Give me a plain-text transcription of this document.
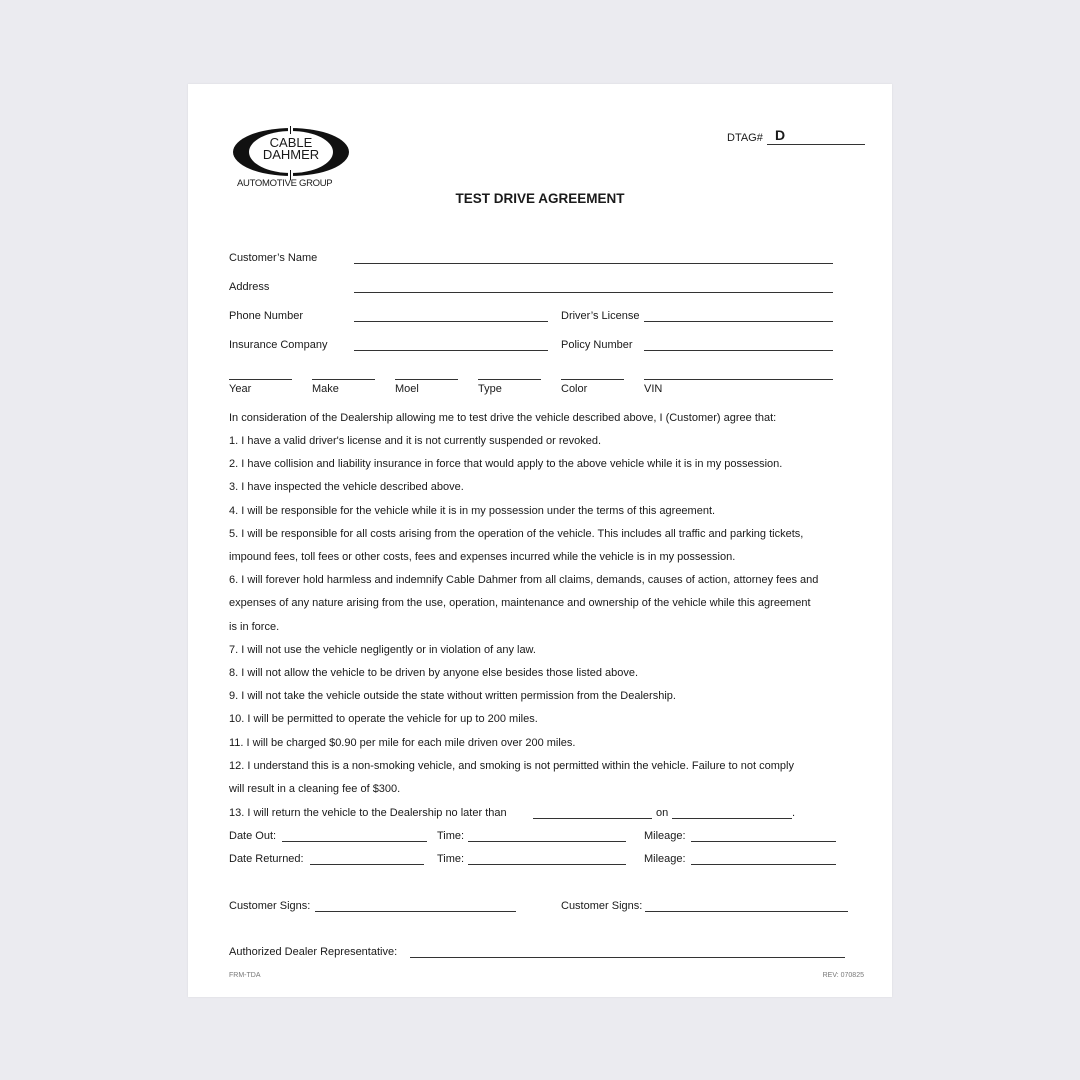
CABLE
DAHMER
AUTOMOTIVE GROUP
DTAG# D
TEST DRIVE AGREEMENT
Customer’s Name
Address
Phone Number	Driver’s License
Insurance Company	Policy Number
Year	Make	Moel	Type	Color	VIN
In consideration of the Dealership allowing me to test drive the vehicle described above, I (Customer) agree that:
1. I have a valid driver's license and it is not currently suspended or revoked.
2. I have collision and liability insurance in force that would apply to the above vehicle while it is in my possession.
3. I have inspected the vehicle described above.
4. I will be responsible for the vehicle while it is in my possession under the terms of this agreement.
5. I will be responsible for all costs arising from the operation of the vehicle. This includes all traffic and parking tickets,
impound fees, toll fees or other costs, fees and expenses incurred while the vehicle is in my possession.
6. I will forever hold harmless and indemnify Cable Dahmer from all claims, demands, causes of action, attorney fees and
expenses of any nature arising from the use, operation, maintenance and ownership of the vehicle while this agreement
is in force.
7. I will not use the vehicle negligently or in violation of any law.
8. I will not allow the vehicle to be driven by anyone else besides those listed above.
9. I will not take the vehicle outside the state without written permission from the Dealership.
10. I will be permitted to operate the vehicle for up to 200 miles.
11. I will be charged $0.90 per mile for each mile driven over 200 miles.
12. I understand this is a non-smoking vehicle, and smoking is not permitted within the vehicle. Failure to not comply
will result in a cleaning fee of $300.
13. I will return the vehicle to the Dealership no later than	on	.
Date Out:	Time:	Mileage:
Date Returned:	Time:	Mileage:
Customer Signs:	Customer Signs:
Authorized Dealer Representative:
FRM-TDA	REV: 070825
